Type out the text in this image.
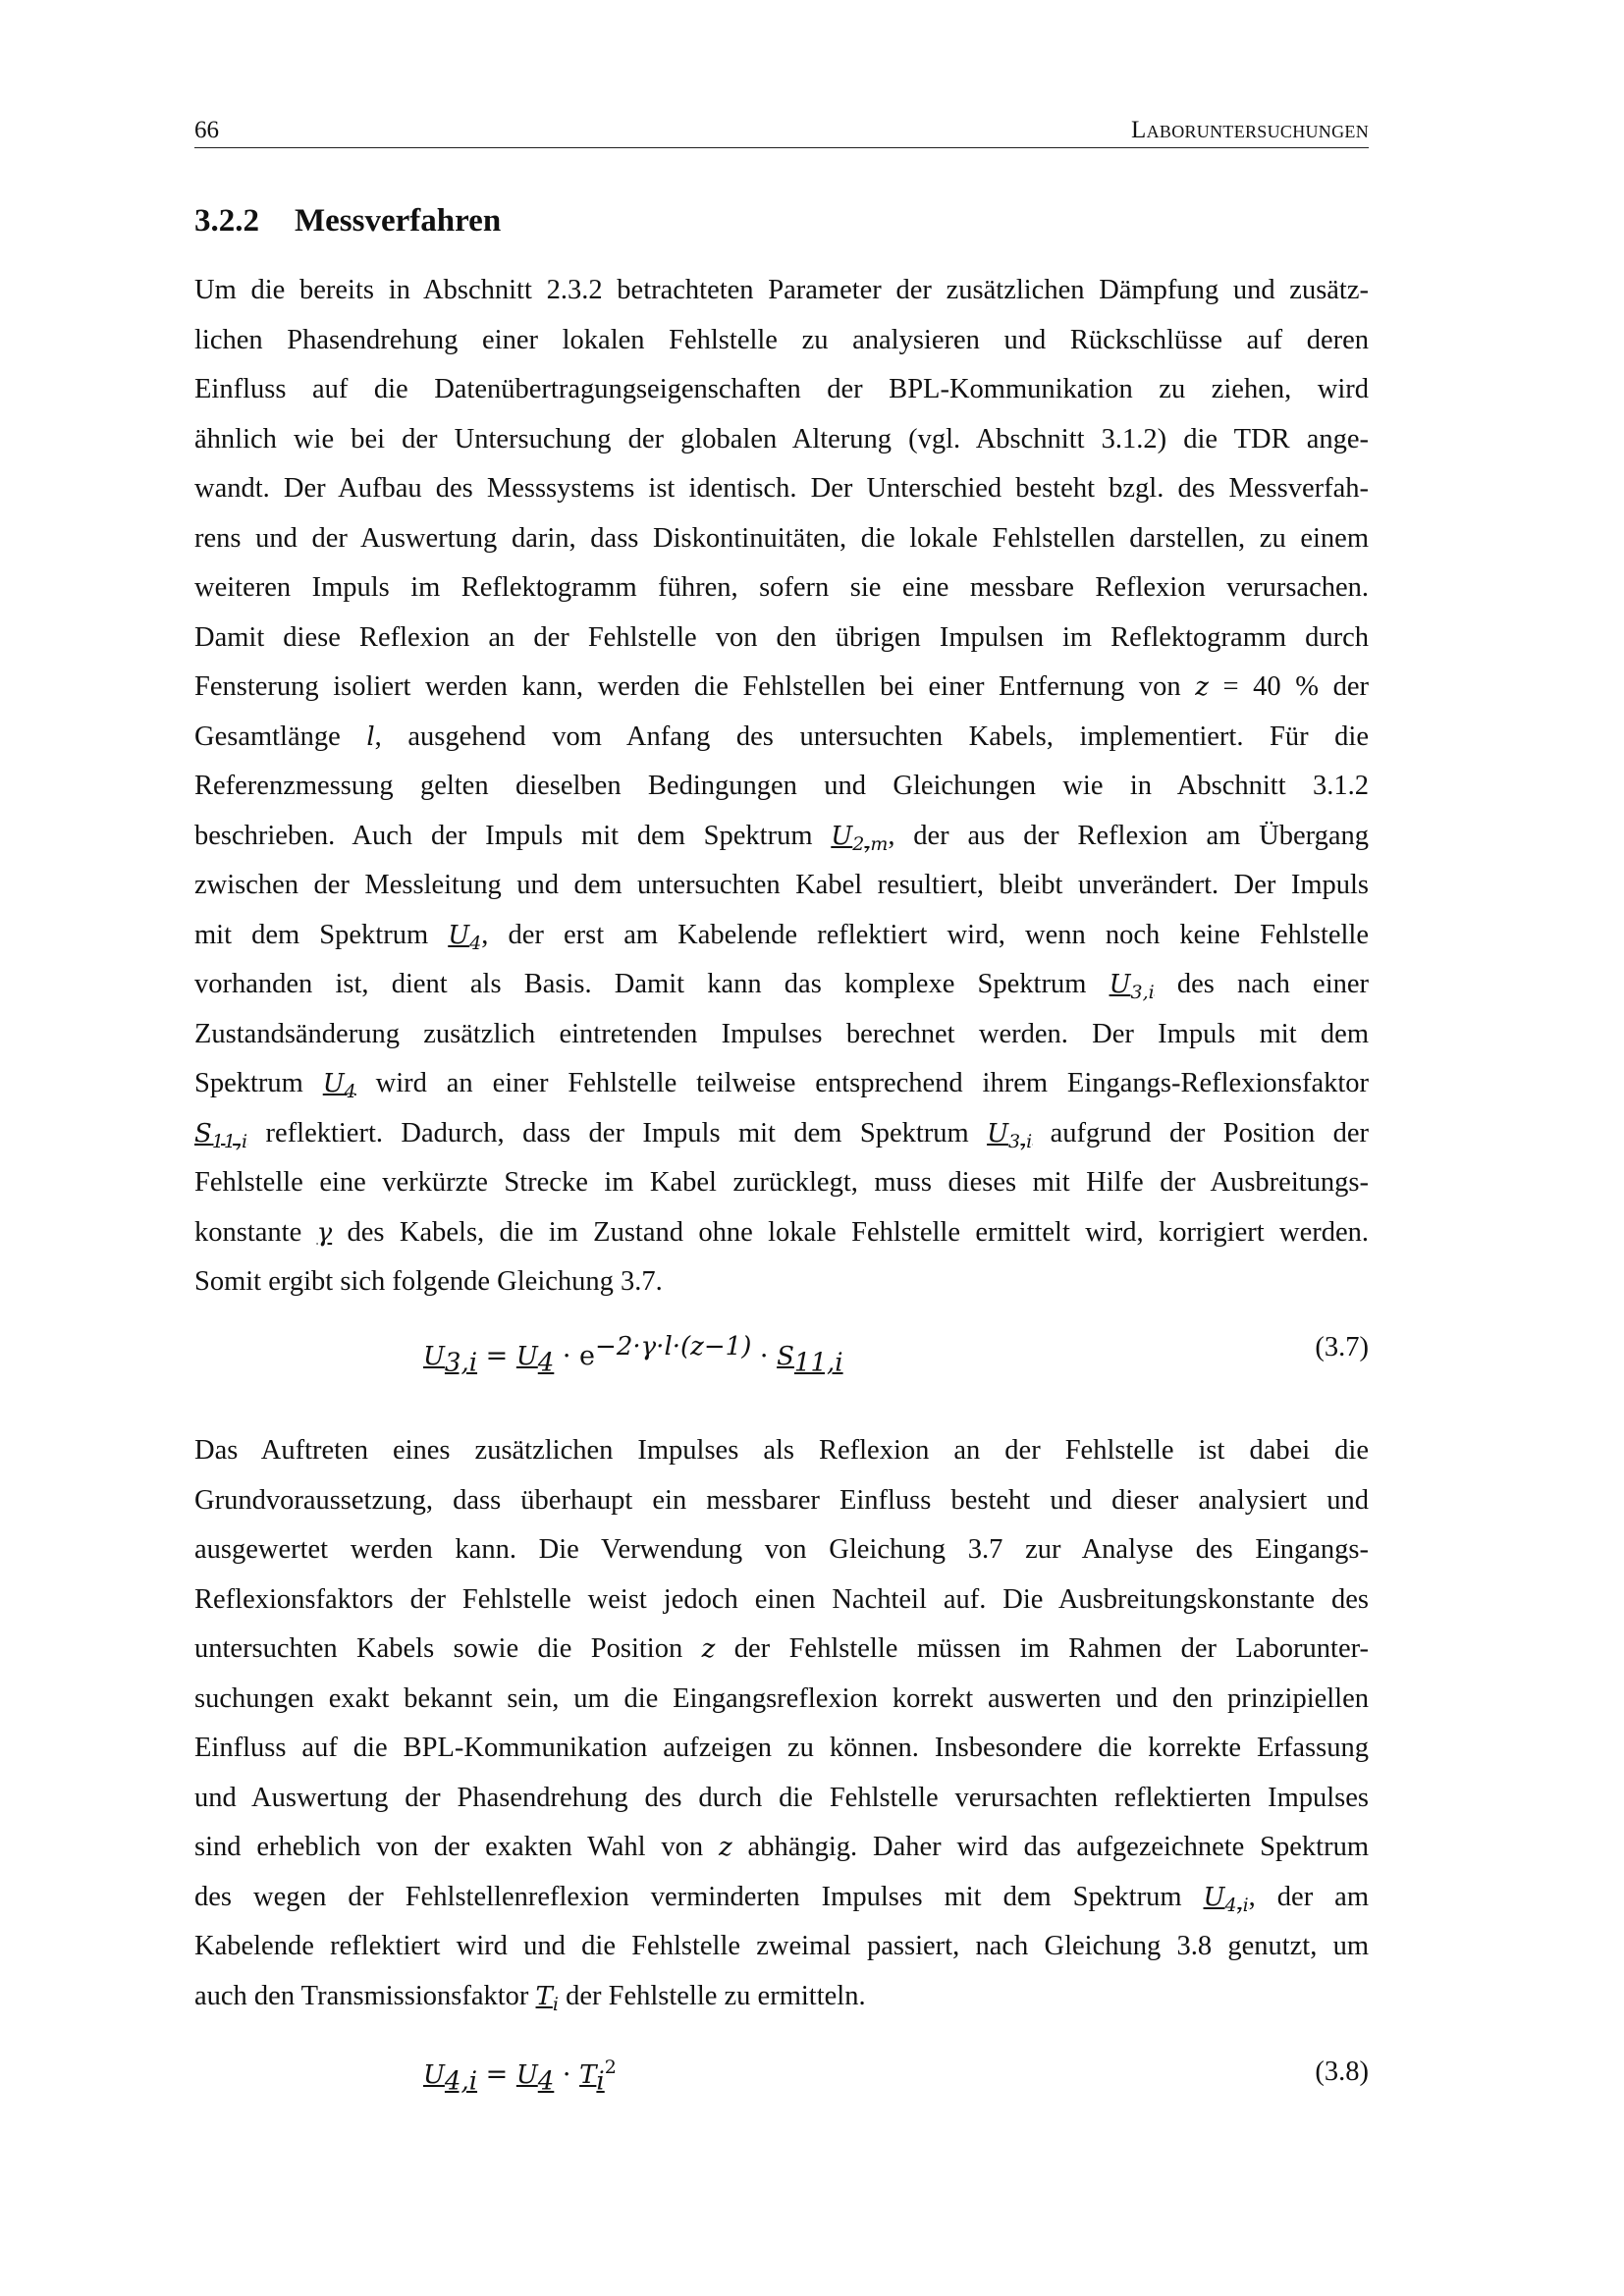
66	Laboruntersuchungen
3.2.2 Messverfahren
Um die bereits in Abschnitt 2.3.2 betrachteten Parameter der zusätzlichen Dämpfung und zusätz-
lichen Phasendrehung einer lokalen Fehlstelle zu analysieren und Rückschlüsse auf deren
Einfluss auf die Datenübertragungseigenschaften der BPL-Kommunikation zu ziehen, wird
ähnlich wie bei der Untersuchung der globalen Alterung (vgl. Abschnitt 3.1.2) die TDR ange-
wandt. Der Aufbau des Messsystems ist identisch. Der Unterschied besteht bzgl. des Messverfah-
rens und der Auswertung darin, dass Diskontinuitäten, die lokale Fehlstellen darstellen, zu einem
weiteren Impuls im Reflektogramm führen, sofern sie eine messbare Reflexion verursachen.
Damit diese Reflexion an der Fehlstelle von den übrigen Impulsen im Reflektogramm durch
Fensterung isoliert werden kann, werden die Fehlstellen bei einer Entfernung von z = 40 % der
Gesamtlänge l, ausgehend vom Anfang des untersuchten Kabels, implementiert. Für die
Referenzmessung gelten dieselben Bedingungen und Gleichungen wie in Abschnitt 3.1.2
beschrieben. Auch der Impuls mit dem Spektrum $U_{2,m}$, der aus der Reflexion am Übergang
zwischen der Messleitung und dem untersuchten Kabel resultiert, bleibt unverändert. Der Impuls
mit dem Spektrum $U_4$, der erst am Kabelende reflektiert wird, wenn noch keine Fehlstelle
vorhanden ist, dient als Basis. Damit kann das komplexe Spektrum $U_{3,i}$ des nach einer
Zustandsänderung zusätzlich eintretenden Impulses berechnet werden. Der Impuls mit dem
Spektrum $U_4$ wird an einer Fehlstelle teilweise entsprechend ihrem Eingangs-Reflexionsfaktor
$S_{11,i}$ reflektiert. Dadurch, dass der Impuls mit dem Spektrum $U_{3,i}$ aufgrund der Position der
Fehlstelle eine verkürzte Strecke im Kabel zurücklegt, muss dieses mit Hilfe der Ausbreitungs-
konstante γ des Kabels, die im Zustand ohne lokale Fehlstelle ermittelt wird, korrigiert werden.
Somit ergibt sich folgende Gleichung 3.7.
$U_{3,i} = U_4 \cdot e^{-2\cdot\gamma\cdot l\cdot(z-1)} \cdot S_{11,i}$
(3.7)
Das Auftreten eines zusätzlichen Impulses als Reflexion an der Fehlstelle ist dabei die
Grundvoraussetzung, dass überhaupt ein messbarer Einfluss besteht und dieser analysiert und
ausgewertet werden kann. Die Verwendung von Gleichung 3.7 zur Analyse des Eingangs-
Reflexionsfaktors der Fehlstelle weist jedoch einen Nachteil auf. Die Ausbreitungskonstante des
untersuchten Kabels sowie die Position z der Fehlstelle müssen im Rahmen der Laborunter-
suchungen exakt bekannt sein, um die Eingangsreflexion korrekt auswerten und den prinzipiellen
Einfluss auf die BPL-Kommunikation aufzeigen zu können. Insbesondere die korrekte Erfassung
und Auswertung der Phasendrehung des durch die Fehlstelle verursachten reflektierten Impulses
sind erheblich von der exakten Wahl von z abhängig. Daher wird das aufgezeichnete Spektrum
des wegen der Fehlstellenreflexion verminderten Impulses mit dem Spektrum $U_{4,i}$, der am
Kabelende reflektiert wird und die Fehlstelle zweimal passiert, nach Gleichung 3.8 genutzt, um
auch den Transmissionsfaktor $T_i$ der Fehlstelle zu ermitteln.
$U_{4,i} = U_4 \cdot T_i^2$	(3.8)
